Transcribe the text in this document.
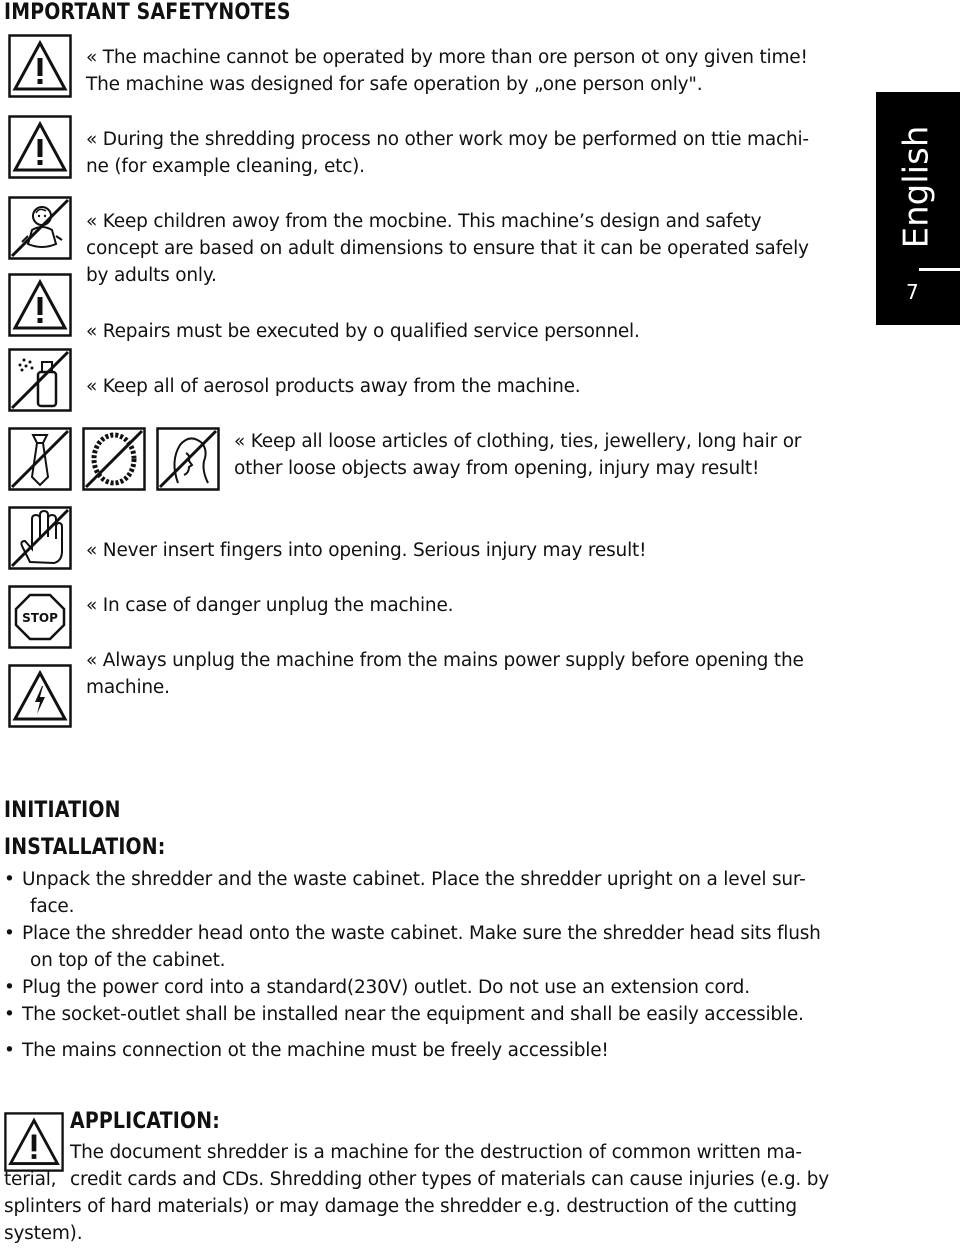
IMPORTANT SAFETYNOTES
English
7
STOP
« The machine cannot be operated by more than ore person ot ony given time!
The machine was designed for safe operation by „one person only".
« During the shredding process no other work moy be performed on ttie machi-
ne (for example cleaning, etc).
« Keep children awoy from the mocbine. This machine’s design and safety
concept are based on adult dimensions to ensure that it can be operated safely
by adults only.
« Repairs must be executed by o qualified service personnel.
« Keep all of aerosol products away from the machine.
« Keep all loose articles of clothing, ties, jewellery, long hair or
other loose objects away from opening, injury may result!
« Never insert fingers into opening. Serious injury may result!
« In case of danger unplug the machine.
« Always unplug the machine from the mains power supply before opening the
machine.
INITIATION
INSTALLATION:
• Unpack the shredder and the waste cabinet. Place the shredder upright on a level sur-
face.
• Place the shredder head onto the waste cabinet. Make sure the shredder head sits flush
on top of the cabinet.
• Plug the power cord into a standard(230V) outlet. Do not use an extension cord.
• The socket-outlet shall be installed near the equipment and shall be easily accessible.
• The mains connection ot the machine must be freely accessible!
APPLICATION:
The document shredder is a machine for the destruction of common written ma-
terial, credit cards and CDs. Shredding other types of materials can cause injuries (e.g. by
splinters of hard materials) or may damage the shredder e.g. destruction of the cutting
system).
